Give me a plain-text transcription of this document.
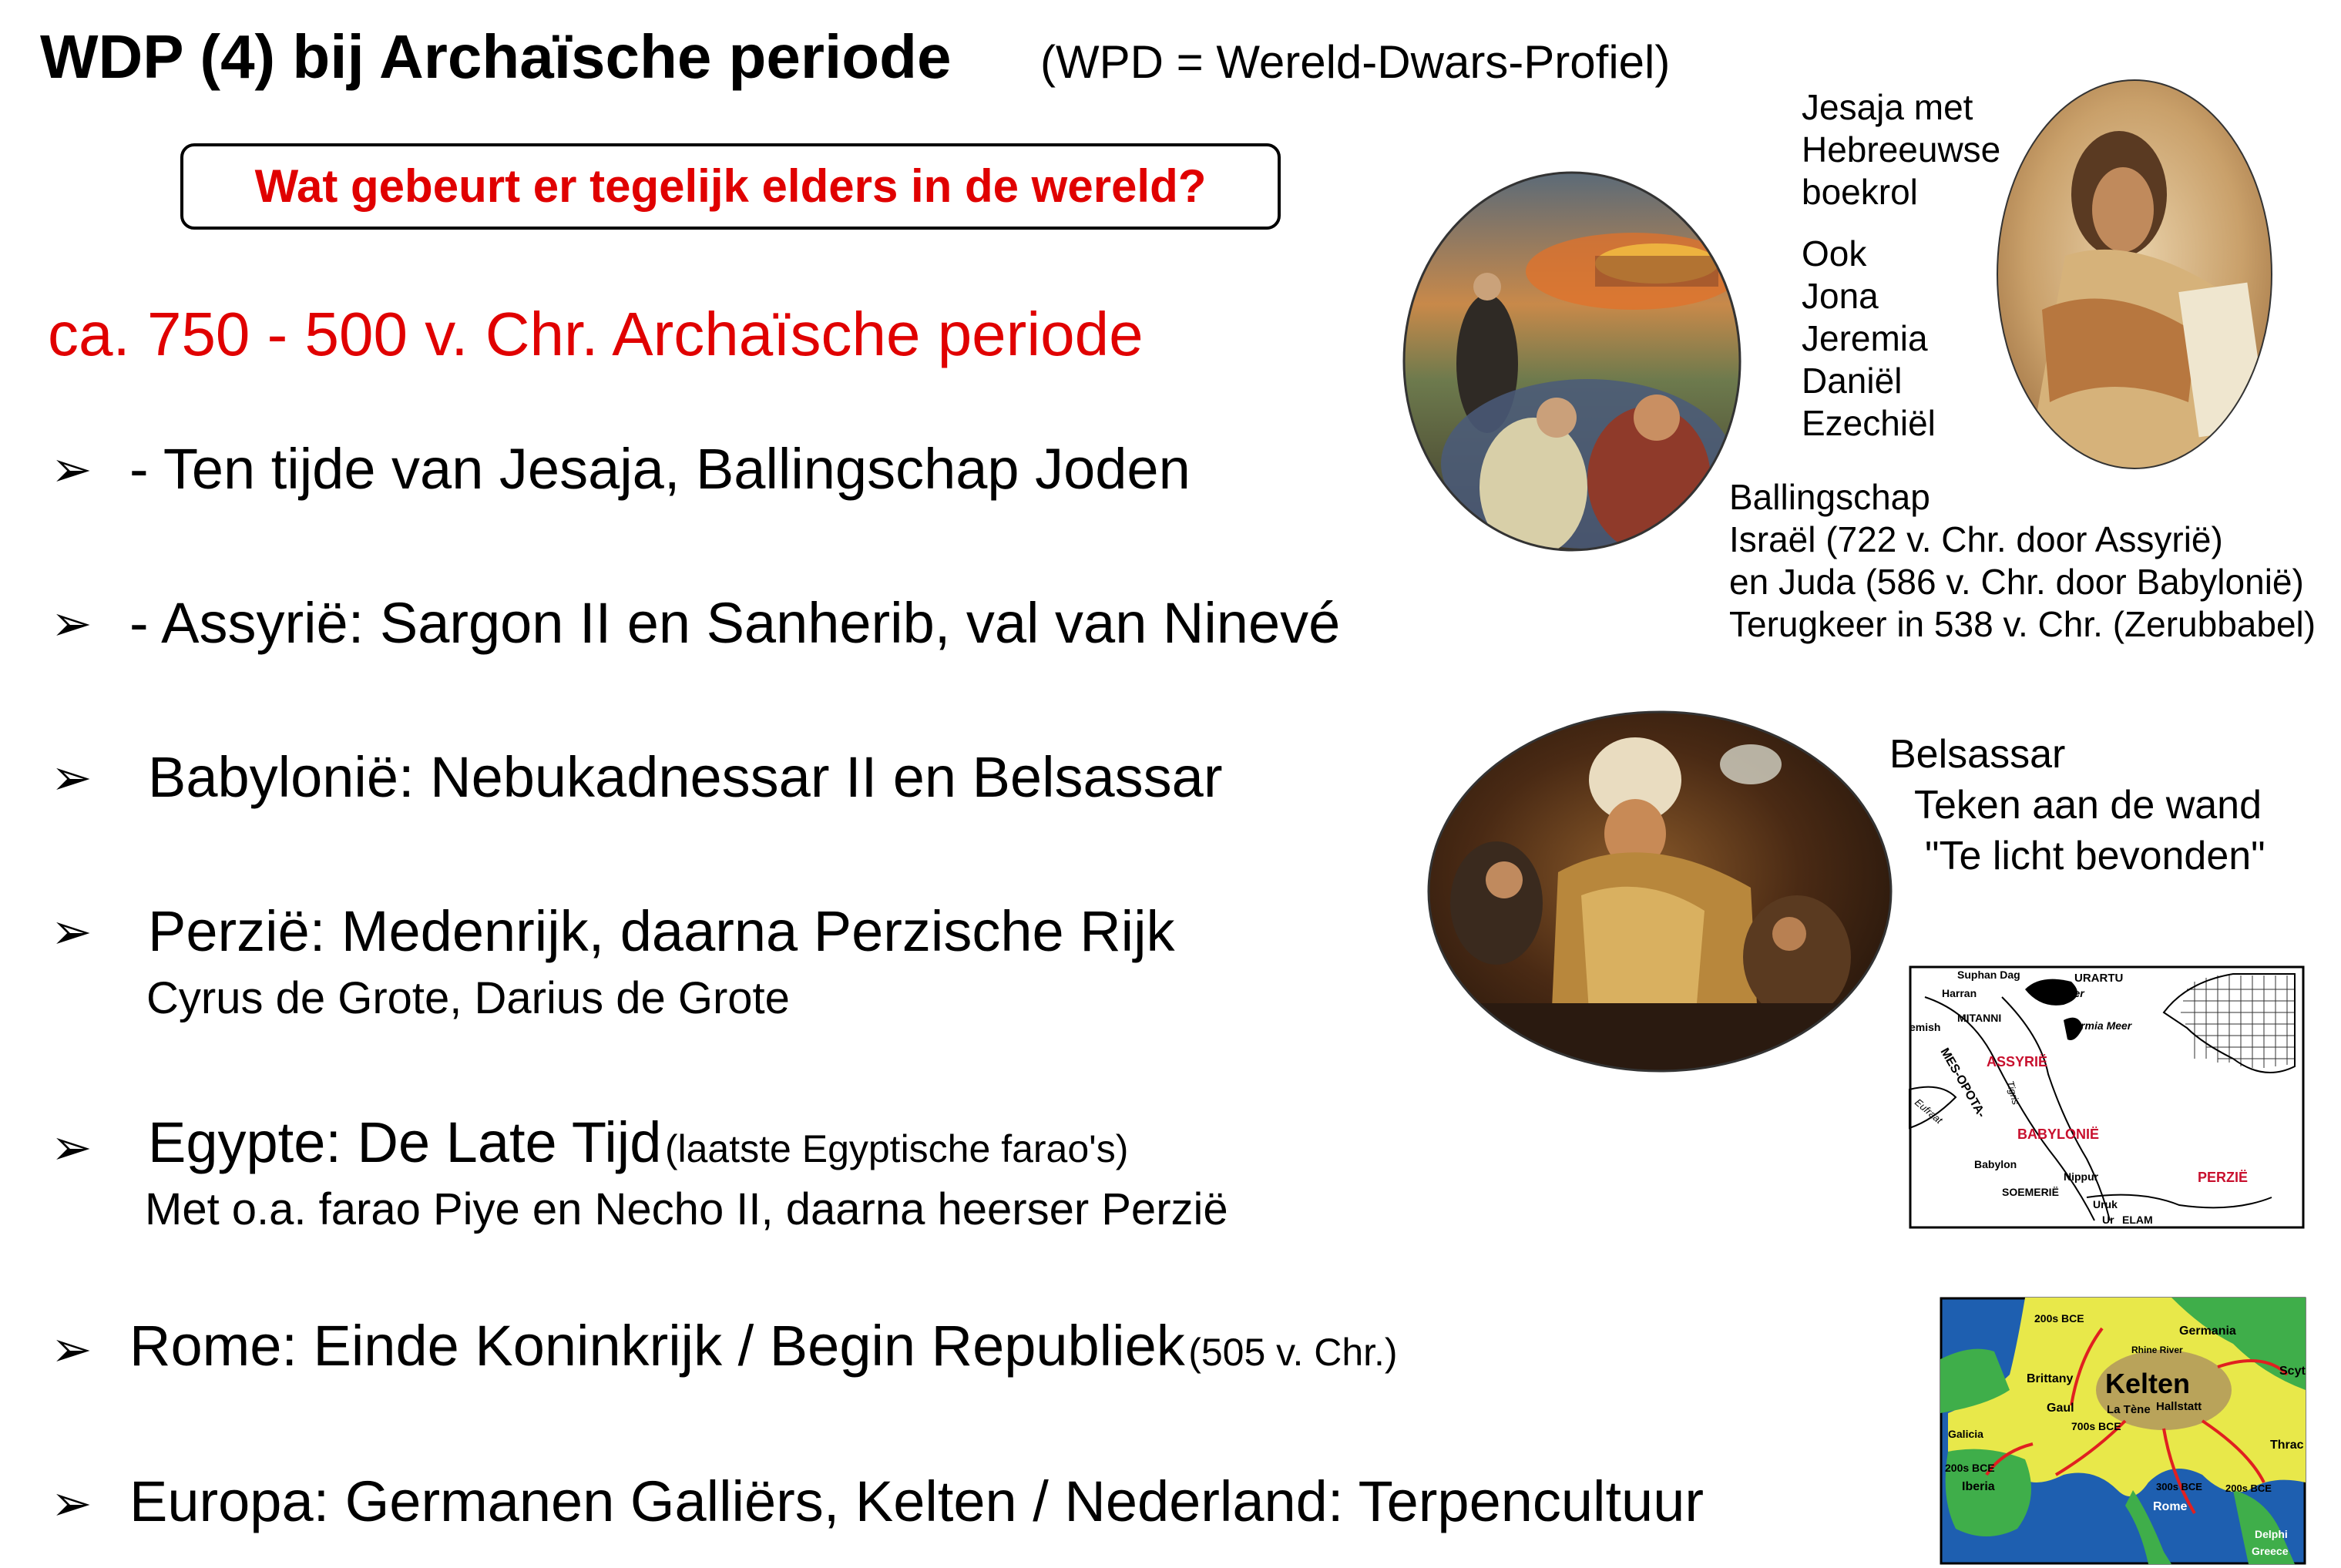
WDP (4) bij Archaïsche periode (WPD = Wereld-Dwars-Profiel)
Wat gebeurt er tegelijk elders in de wereld?
ca. 750 - 500 v. Chr. Archaïsche periode
➢ - Ten tijde van Jesaja, Ballingschap Joden
➢ - Assyrië: Sargon II en Sanherib, val van Ninevé
➢ Babylonië: Nebukadnessar II en Belsassar
➢ Perzië: Medenrijk, daarna Perzische Rijk
Cyrus de Grote, Darius de Grote
➢ Egypte: De Late Tijd (laatste Egyptische farao's)
Met o.a. farao Piye en Necho II, daarna heerser Perzië
➢ Rome: Einde Koninkrijk / Begin Republiek (505 v. Chr.)
➢ Europa: Germanen Galliërs, Kelten / Nederland: Terpencultuur
Jesaja met
Hebreeuwse
boekrol
Ook
Jona
Jeremia
Daniël
Ezechiël
Ballingschap
Israël (722 v. Chr. door Assyrië)
en Juda (586 v. Chr. door Babylonië)
Terugkeer in 538 v. Chr. (Zerubbabel)
Belsassar
Teken aan de wand
"Te licht bevonden"
Suphan Dag
Harran	Van Meer
URARTU
emish
MITANNI
Urmia Meer
ASSYRIË
MES-OPOTA- Tigris
Eufraat
BABYLONIË
Babylon
Nippur
SOEMERIË
Uruk
Ur ELAM
PERZIË
200s BCE
Germania
Rhine River
Brittany Kelten
Gaul	La Tène Hallstatt
700s BCE
Galicia
200s BCE
Iberia	300s BCE
Rome
200s BCE
Thrac
Scyt
Delphi
Greece
